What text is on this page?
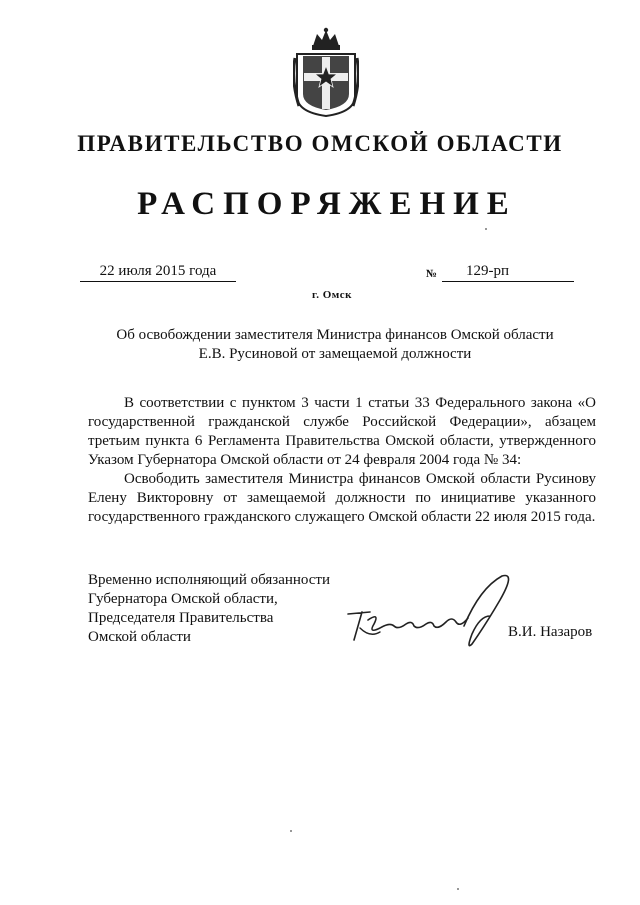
ПРАВИТЕЛЬСТВО ОМСКОЙ ОБЛАСТИ
РАСПОРЯЖЕНИЕ
22 июля 2015 года	№	129-рп
г. Омск
Об освобождении заместителя Министра финансов Омской области
Е.В. Русиновой от замещаемой должности

В соответствии с пунктом 3 части 1 статьи 33 Федерального закона «О государственной гражданской службе Российской Федерации», абзацем третьим пункта 6 Регламента Правительства Омской области, утвержденного Указом Губернатора Омской области от 24 февраля 2004 года № 34:

Освободить заместителя Министра финансов Омской области Русинову Елену Викторовну от замещаемой должности по инициативе указанного государственного гражданского служащего Омской области 22 июля 2015 года.

Временно исполняющий обязанности
Губернатора Омской области,
Председателя Правительства
Омской области	В.И. Назаров
